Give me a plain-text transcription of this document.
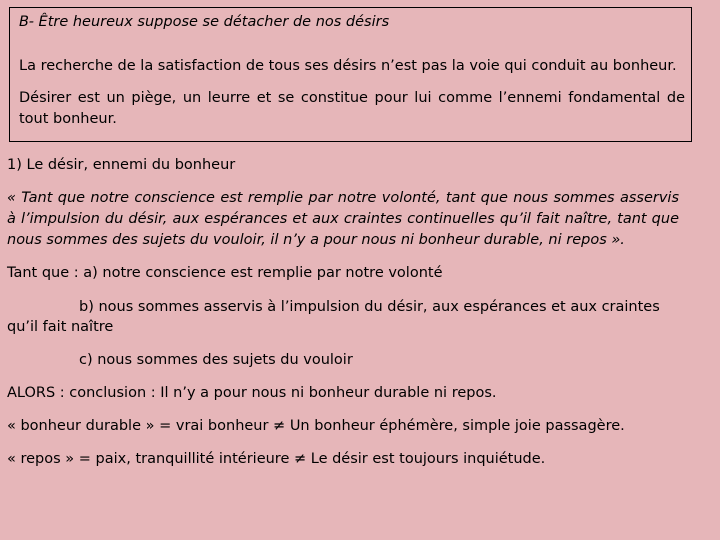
B- Être heureux suppose se détacher de nos désirs

La recherche de la satisfaction de tous ses désirs n’est pas la voie qui conduit au bonheur.

Désirer est un piège, un leurre et se constitue pour lui comme l’ennemi fondamental de tout bonheur.

1) Le désir, ennemi du bonheur

« Tant que notre conscience est remplie par notre volonté, tant que nous sommes asservis à l’impulsion du désir, aux espérances et aux craintes continuelles qu’il fait naître, tant que nous sommes des sujets du vouloir, il n’y a pour nous ni bonheur durable, ni repos ».

Tant que : a) notre conscience est remplie par notre volonté

b) nous sommes asservis à l’impulsion du désir, aux espérances et aux craintes

qu’il fait naître

c) nous sommes des sujets du vouloir

ALORS : conclusion : Il n’y a pour nous ni bonheur durable ni repos.

« bonheur durable » = vrai bonheur ≠ Un bonheur éphémère, simple joie passagère.

« repos » = paix, tranquillité intérieure ≠ Le désir est toujours inquiétude.
